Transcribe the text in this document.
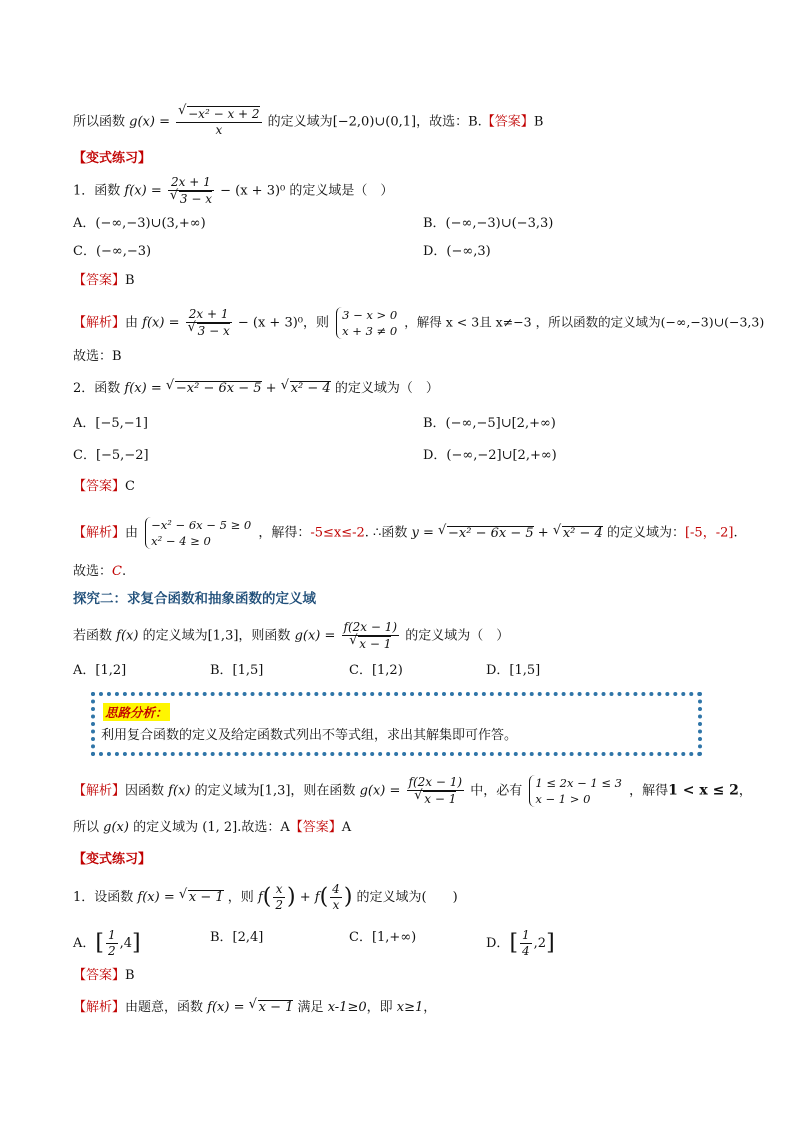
所以函数 g(x) = √ $\frac{\text{−x² − x + 2}}{x}$ 的定义域为[−2,0)∪(0,1]，故选：B.【答案】B
【变式练习】
1．函数 f(x) = 2x + 1
√ 3 − x − (x + 3)⁰ 的定义域是（　）
A．(−∞,−3)∪(3,+∞)	B．(−∞,−3)∪(−3,3)
C．(−∞,−3)	D．(−∞,3)
【答案】B
【解析】由 f(x) = 2x + 1
√ 3 − x − (x + 3)⁰，则
3 − x > 0
x + 3 ≠ 0
，解得 x < 3且 x≠−3 ，所以函数的定义域为(−∞,−3)∪(−3,3)
故选：B
2．函数 f(x) = √ −x² − 6x − 5 + √ x² − 4 的定义域为（　）
A．[−5,−1]	B．(−∞,−5]∪[2,+∞)
C．[−5,−2]	D．(−∞,−2]∪[2,+∞)
【答案】C
【解析】由
−x² − 6x − 5 ≥ 0
x² − 4 ≥ 0
，解得：-5≤x≤-2. ∴函数 y = √ −x² − 6x − 5 + √ x² − 4 的定义域为：[-5，-2].
故选：C.
探究二：求复合函数和抽象函数的定义域
若函数 f(x) 的定义域为[1,3]，则函数 g(x) = f(2x − 1)
√ x − 1 的定义域为（　）
A．[1,2]	B．[1,5]	C．[1,2)	D．[1,5]
思路分析：
利用复合函数的定义及给定函数式列出不等式组，求出其解集即可作答。
【解析】因函数 f(x) 的定义域为[1,3]，则在函数 g(x) = f(2x − 1)
√ x − 1 中，必有
1 ≤ 2x − 1 ≤ 3
x − 1 > 0
，解得1 < x ≤ 2，
所以 g(x) 的定义域为 (1, 2].故选：A【答案】A
【变式练习】
1．设函数 f(x) = √ x − 1 ，则 $f( \frac{x}{2}$ ) + $f( \frac{4}{x}$ ) 的定义域为(　　)
A．[ $\frac{1}{2} ,4$]	B．[2,4]	C．[1,+∞)	D．[ $\frac{1}{4} ,2$]
【答案】B
【解析】由题意，函数 f(x) = √ x − 1 满足 x-1≥0，即 x≥1，
